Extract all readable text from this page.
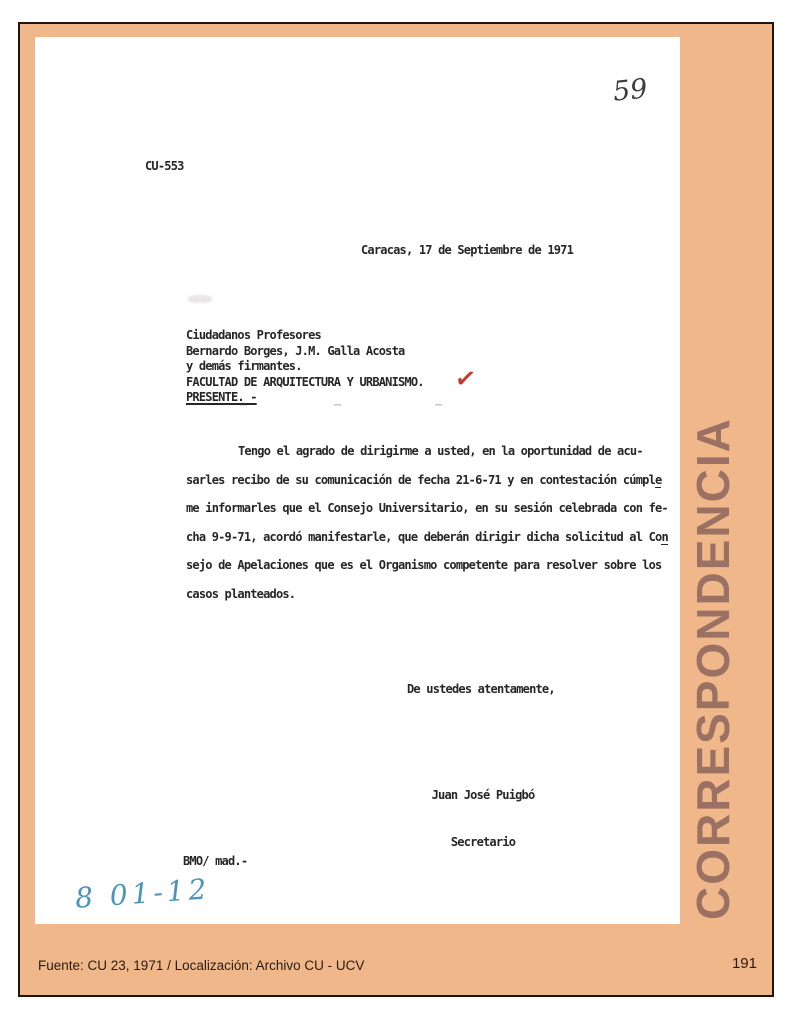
59
CU-553
Caracas, 17 de Septiembre de 1971
Ciudadanos Profesores
Bernardo Borges, J.M. Galla Acosta
y demás firmantes.
FACULTAD DE ARQUITECTURA Y URBANISMO.
PRESENTE. -
✓
‒            ‒             ‒
Tengo el agrado de dirigirme a usted, en la oportunidad de acu-
sarles recibo de su comunicación de fecha 21-6-71 y en contestación cúmple
me informarles que el Consejo Universitario, en su sesión celebrada con fe-
cha 9-9-71, acordó manifestarle, que deberán dirigir dicha solicitud al Con
sejo de Apelaciones que es el Organismo competente para resolver sobre los
casos planteados.
De ustedes atentamente,

Juan José Puigbó

Secretario

BMO/ mad.-
8 01-12	CORRESPONDENCIA
Fuente: CU 23, 1971 / Localización: Archivo CU - UCV	191
